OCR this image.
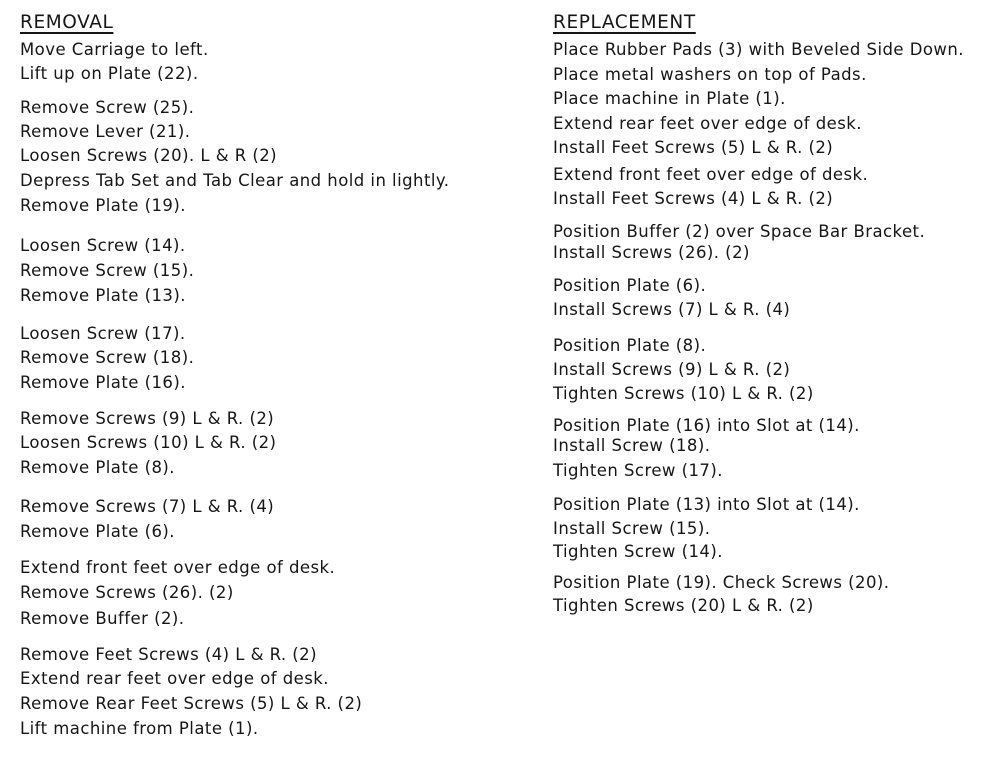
REMOVAL
Move Carriage to left.
Lift up on Plate (22).
Remove Screw (25).
Remove Lever (21).
Loosen Screws (20). L & R (2)
Depress Tab Set and Tab Clear and hold in lightly.
Remove Plate (19).
Loosen Screw (14).
Remove Screw (15).
Remove Plate (13).
Loosen Screw (17).
Remove Screw (18).
Remove Plate (16).
Remove Screws (9) L & R. (2)
Loosen Screws (10) L & R. (2)
Remove Plate (8).
Remove Screws (7) L & R. (4)
Remove Plate (6).
Extend front feet over edge of desk.
Remove Screws (26). (2)
Remove Buffer (2).
Remove Feet Screws (4) L & R. (2)
Extend rear feet over edge of desk.
Remove Rear Feet Screws (5) L & R. (2)
Lift machine from Plate (1).
REPLACEMENT
Place Rubber Pads (3) with Beveled Side Down.
Place metal washers on top of Pads.
Place machine in Plate (1).
Extend rear feet over edge of desk.
Install Feet Screws (5) L & R. (2)
Extend front feet over edge of desk.
Install Feet Screws (4) L & R. (2)
Position Buffer (2) over Space Bar Bracket.
Install Screws (26). (2)
Position Plate (6).
Install Screws (7) L & R. (4)
Position Plate (8).
Install Screws (9) L & R. (2)
Tighten Screws (10) L & R. (2)
Position Plate (16) into Slot at (14).
Install Screw (18).
Tighten Screw (17).
Position Plate (13) into Slot at (14).
Install Screw (15).
Tighten Screw (14).
Position Plate (19). Check Screws (20).
Tighten Screws (20) L & R. (2)
